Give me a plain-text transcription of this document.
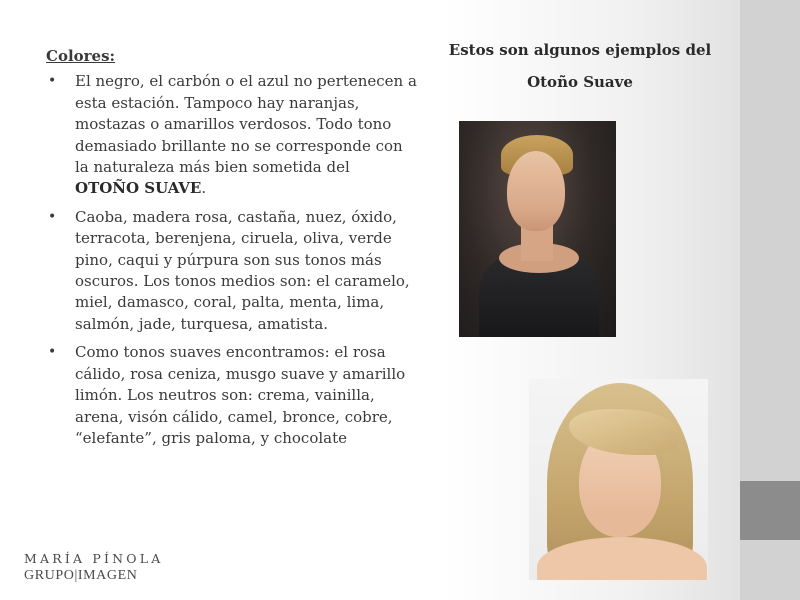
Colores:
• El negro, el carbón o el azul no pertenecen a esta estación. Tampoco hay naranjas, mostazas o amarillos verdosos. Todo tono demasiado brillante no se corresponde con la naturaleza más bien sometida del OTOÑO SUAVE.
• Caoba, madera rosa, castaña, nuez, óxido, terracota, berenjena, ciruela, oliva, verde pino, caqui y púrpura son sus tonos más oscuros. Los tonos medios son: el caramelo, miel, damasco, coral, palta, menta, lima, salmón, jade, turquesa, amatista.
• Como tonos suaves encontramos: el rosa cálido, rosa ceniza, musgo suave y amarillo limón. Los neutros son: crema, vainilla, arena, visón cálido, camel, bronce, cobre, “elefante”, gris paloma, y chocolate
Estos son algunos ejemplos del
Otoño Suave
MARÍA PÍNOLA
GRUPO|IMAGEN
